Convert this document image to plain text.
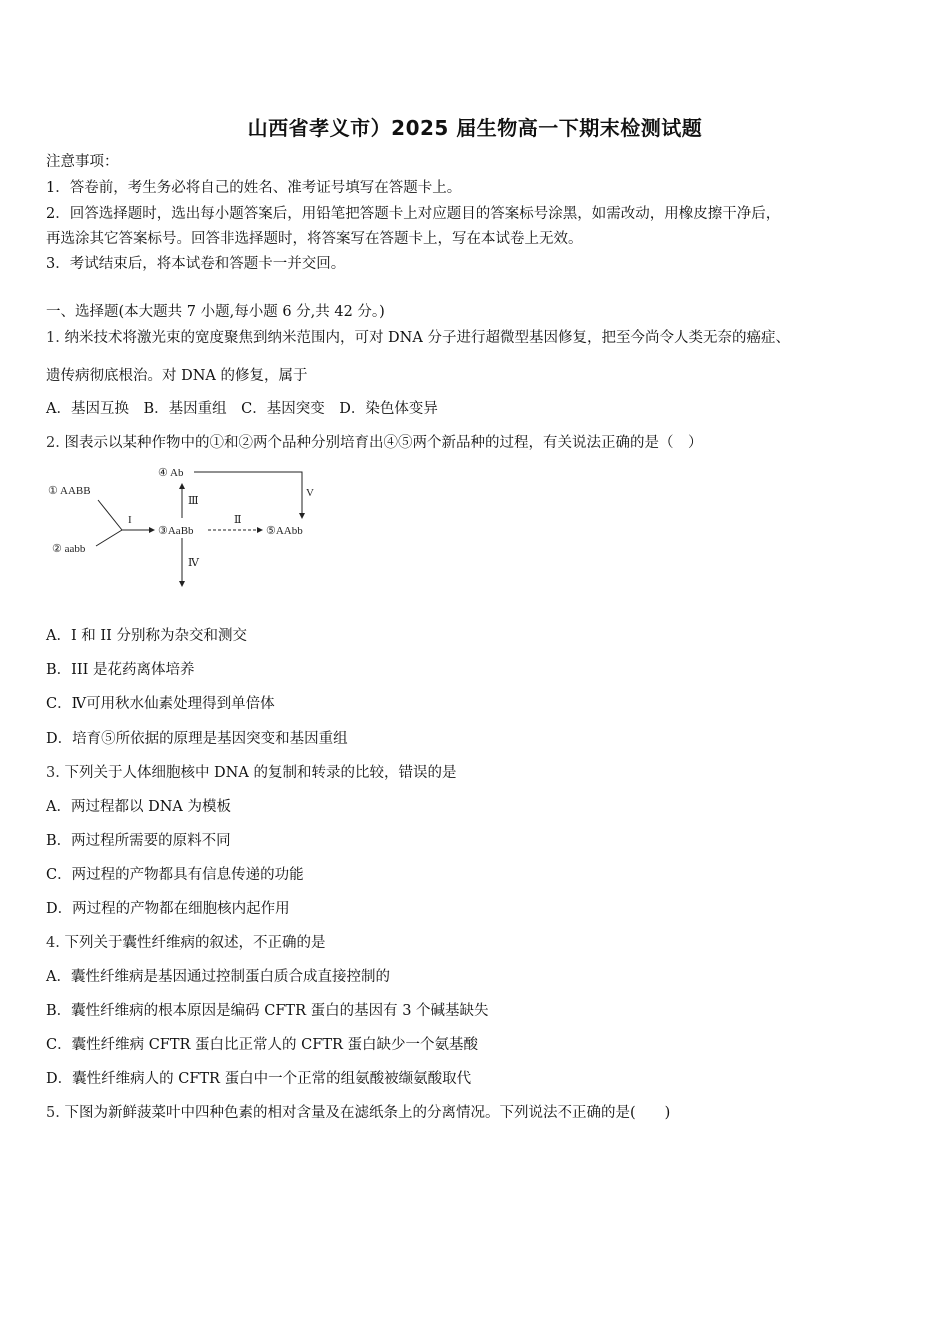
山西省孝义市）2025 届生物高一下期末检测试题
注意事项：
1．答卷前，考生务必将自己的姓名、准考证号填写在答题卡上。
2．回答选择题时，选出每小题答案后，用铅笔把答题卡上对应题目的答案标号涂黑，如需改动，用橡皮擦干净后，
再选涂其它答案标号。回答非选择题时，将答案写在答题卡上，写在本试卷上无效。
3．考试结束后，将本试卷和答题卡一并交回。
一、选择题(本大题共 7 小题,每小题 6 分,共 42 分。)
1. 纳米技术将激光束的宽度聚焦到纳米范围内，可对 DNA 分子进行超微型基因修复，把至今尚令人类无奈的癌症、
遗传病彻底根治。对 DNA 的修复，属于
A．基因互换　B．基因重组　C．基因突变　D．染色体变异
2. 图表示以某种作物中的①和②两个品种分别培育出④⑤两个新品种的过程，有关说法正确的是（　）
① AABB
② aabb
I
③AaBb
Ⅱ
⑤AAbb
Ⅲ
④ Ab
V
Ⅳ
A．I 和 II 分别称为杂交和测交
B．III 是花药离体培养
C．Ⅳ可用秋水仙素处理得到单倍体
D．培育⑤所依据的原理是基因突变和基因重组
3. 下列关于人体细胞核中 DNA 的复制和转录的比较，错误的是
A．两过程都以 DNA 为模板
B．两过程所需要的原料不同
C．两过程的产物都具有信息传递的功能
D．两过程的产物都在细胞核内起作用
4. 下列关于囊性纤维病的叙述，不正确的是
A．囊性纤维病是基因通过控制蛋白质合成直接控制的
B．囊性纤维病的根本原因是编码 CFTR 蛋白的基因有 3 个碱基缺失
C．囊性纤维病 CFTR 蛋白比正常人的 CFTR 蛋白缺少一个氨基酸
D．囊性纤维病人的 CFTR 蛋白中一个正常的组氨酸被缬氨酸取代
5. 下图为新鲜菠菜叶中四种色素的相对含量及在滤纸条上的分离情况。下列说法不正确的是(　　)
